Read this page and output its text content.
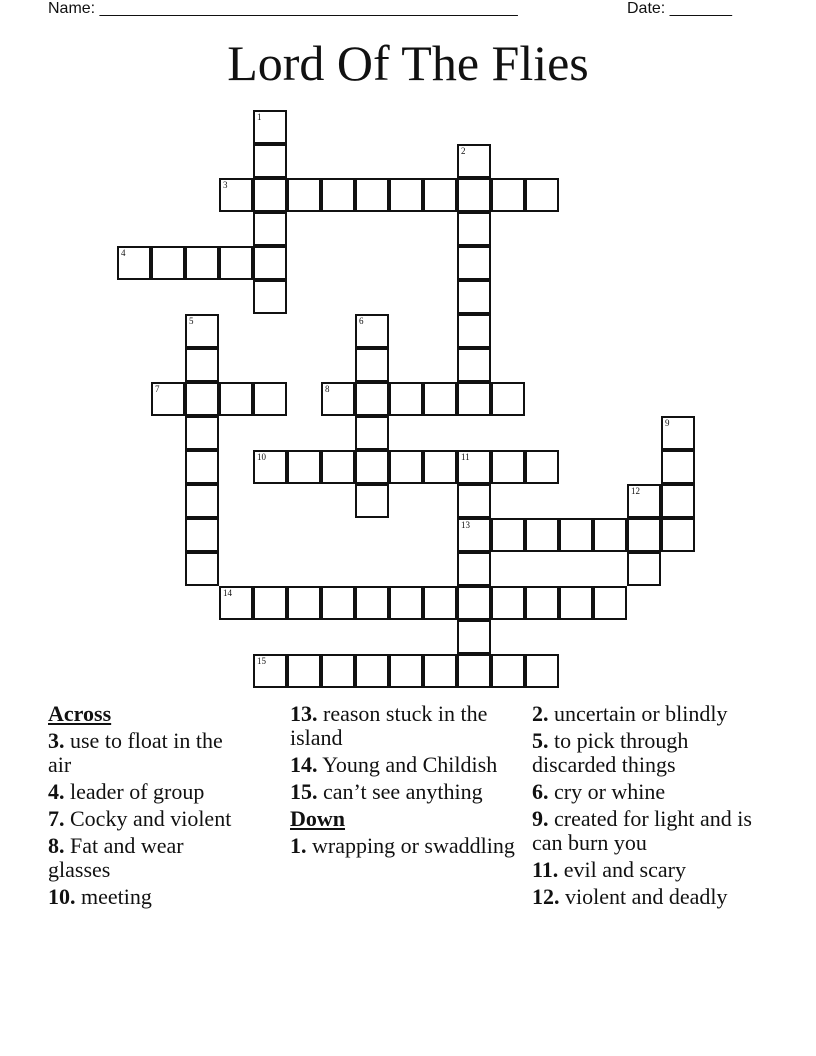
Name: _______________________________________________	Date: _______
Lord Of The Flies
1
2
3
4
5	6
7	8
9
10	11
13
12
14
15
Across
3. use to float in the air
4. leader of group
7. Cocky and violent
8. Fat and wear glasses
10. meeting
13. reason stuck in the island
14. Young and Childish
15. can’t see anything
Down
1. wrapping or swaddling
2. uncertain or blindly
5. to pick through discarded things
6. cry or whine
9. created for light and is can burn you
11. evil and scary
12. violent and deadly
